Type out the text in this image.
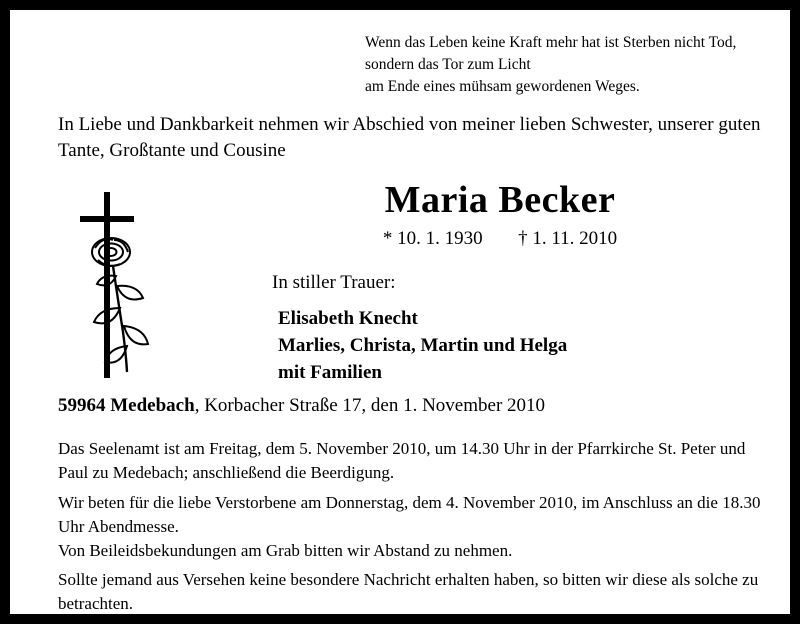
Wenn das Leben keine Kraft mehr hat ist Sterben nicht Tod,
sondern das Tor zum Licht
am Ende eines mühsam gewordenen Weges.
In Liebe und Dankbarkeit nehmen wir Abschied von meiner lieben Schwester, unserer guten Tante, Großtante und Cousine
Maria Becker
* 10. 1. 1930 † 1. 11. 2010
In stiller Trauer:
Elisabeth Knecht
Marlies, Christa, Martin und Helga
mit Familien
59964 Medebach, Korbacher Straße 17, den 1. November 2010
Das Seelenamt ist am Freitag, dem 5. November 2010, um 14.30 Uhr in der Pfarrkirche St. Peter und Paul zu Medebach; anschließend die Beerdigung.
Wir beten für die liebe Verstorbene am Donnerstag, dem 4. November 2010, im Anschluss an die 18.30 Uhr Abendmesse.
Von Beileidsbekundungen am Grab bitten wir Abstand zu nehmen.
Sollte jemand aus Versehen keine besondere Nachricht erhalten haben, so bitten wir diese als solche zu betrachten.
